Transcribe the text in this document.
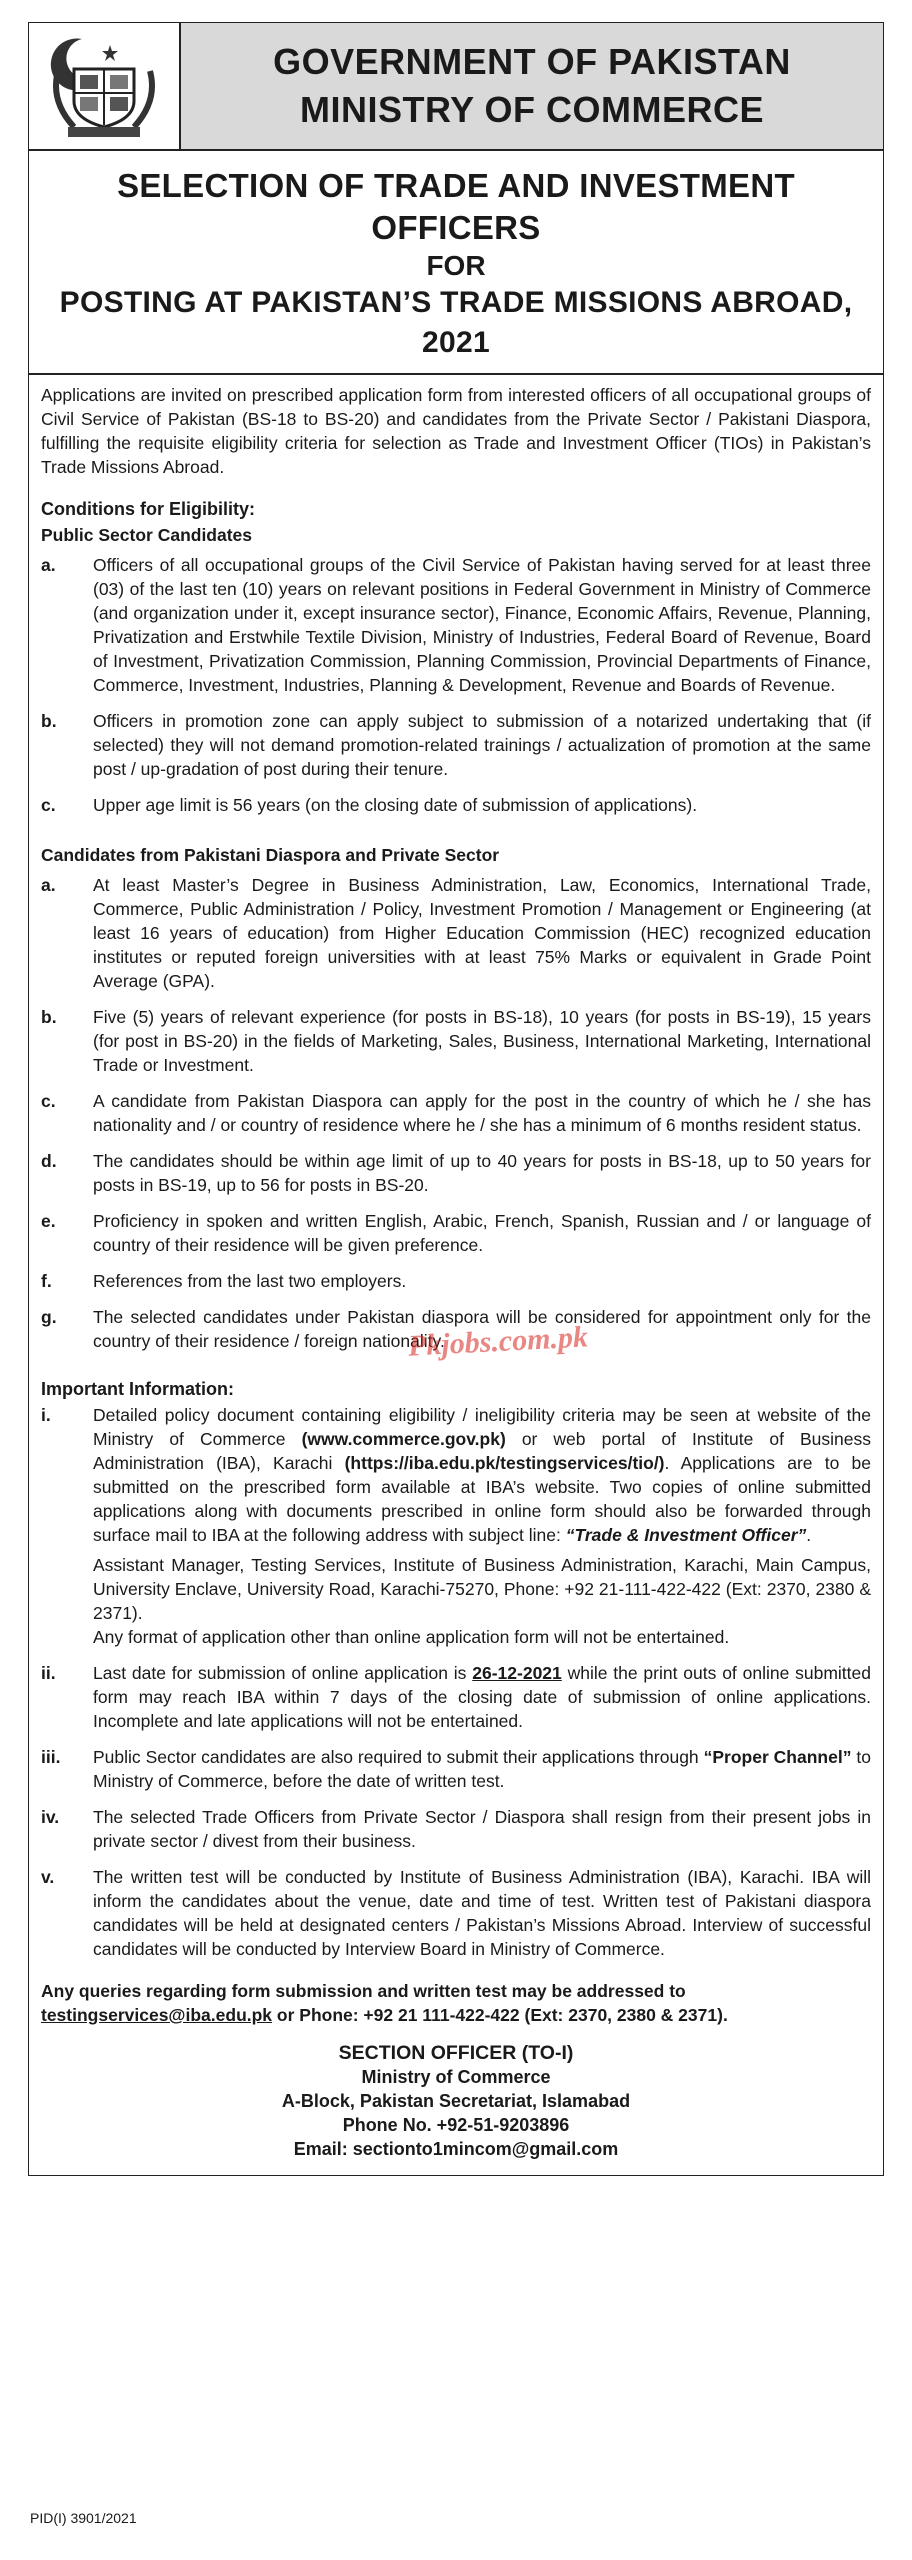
GOVERNMENT OF PAKISTAN
MINISTRY OF COMMERCE
SELECTION OF TRADE AND INVESTMENT OFFICERS
FOR
POSTING AT PAKISTAN’S TRADE MISSIONS ABROAD, 2021
Applications are invited on prescribed application form from interested officers of all occupational groups of Civil Service of Pakistan (BS-18 to BS-20) and candidates from the Private Sector / Pakistani Diaspora, fulfilling the requisite eligibility criteria for selection as Trade and Investment Officer (TIOs) in Pakistan’s Trade Missions Abroad.
Conditions for Eligibility:
Public Sector Candidates
a.	Officers of all occupational groups of the Civil Service of Pakistan having served for at least three (03) of the last ten (10) years on relevant positions in Federal Government in Ministry of Commerce (and organization under it, except insurance sector), Finance, Economic Affairs, Revenue, Planning, Privatization and Erstwhile Textile Division, Ministry of Industries, Federal Board of Revenue, Board of Investment, Privatization Commission, Planning Commission, Provincial Departments of Finance, Commerce, Investment, Industries, Planning & Development, Revenue and Boards of Revenue.
b.	Officers in promotion zone can apply subject to submission of a notarized undertaking that (if selected) they will not demand promotion-related trainings / actualization of promotion at the same post / up-gradation of post during their tenure.
c.	Upper age limit is 56 years (on the closing date of submission of applications).
Candidates from Pakistani Diaspora and Private Sector
a.	At least Master’s Degree in Business Administration, Law, Economics, International Trade, Commerce, Public Administration / Policy, Investment Promotion / Management or Engineering (at least 16 years of education) from Higher Education Commission (HEC) recognized education institutes or reputed foreign universities with at least 75% Marks or equivalent in Grade Point Average (GPA).
b.	Five (5) years of relevant experience (for posts in BS-18), 10 years (for posts in BS-19), 15 years (for post in BS-20) in the fields of Marketing, Sales, Business, International Marketing, International Trade or Investment.
c.	A candidate from Pakistan Diaspora can apply for the post in the country of which he / she has nationality and / or country of residence where he / she has a minimum of 6 months resident status.
d.	The candidates should be within age limit of up to 40 years for posts in BS-18, up to 50 years for posts in BS-19, up to 56 for posts in BS-20.
e.	Proficiency in spoken and written English, Arabic, French, Spanish, Russian and / or language of country of their residence will be given preference.
f.	References from the last two employers.
g.	The selected candidates under Pakistan diaspora will be considered for appointment only for the country of their residence / foreign nationality.
Important Information:
i.	Detailed policy document containing eligibility / ineligibility criteria may be seen at website of the Ministry of Commerce (www.commerce.gov.pk) or web portal of Institute of Business Administration (IBA), Karachi (https://iba.edu.pk/testingservices/tio/). Applications are to be submitted on the prescribed form available at IBA’s website. Two copies of online submitted applications along with documents prescribed in online form should also be forwarded through surface mail to IBA at the following address with subject line: “Trade & Investment Officer”.
Assistant Manager, Testing Services, Institute of Business Administration, Karachi, Main Campus, University Enclave, University Road, Karachi-75270, Phone: +92 21-111-422-422 (Ext: 2370, 2380 & 2371).
Any format of application other than online application form will not be entertained.
ii.	Last date for submission of online application is 26-12-2021 while the print outs of online submitted form may reach IBA within 7 days of the closing date of submission of online applications. Incomplete and late applications will not be entertained.
iii.	Public Sector candidates are also required to submit their applications through “Proper Channel” to Ministry of Commerce, before the date of written test.
iv.	The selected Trade Officers from Private Sector / Diaspora shall resign from their present jobs in private sector / divest from their business.
v.	The written test will be conducted by Institute of Business Administration (IBA), Karachi. IBA will inform the candidates about the venue, date and time of test. Written test of Pakistani diaspora candidates will be held at designated centers / Pakistan’s Missions Abroad. Interview of successful candidates will be conducted by Interview Board in Ministry of Commerce.
Any queries regarding form submission and written test may be addressed to testingservices@iba.edu.pk or Phone: +92 21 111-422-422 (Ext: 2370, 2380 & 2371).
SECTION OFFICER (TO-I)
Ministry of Commerce
A-Block, Pakistan Secretariat, Islamabad
Phone No. +92-51-9203896
Email: sectionto1mincom@gmail.com
PID(I) 3901/2021
Pkjobs.com.pk
